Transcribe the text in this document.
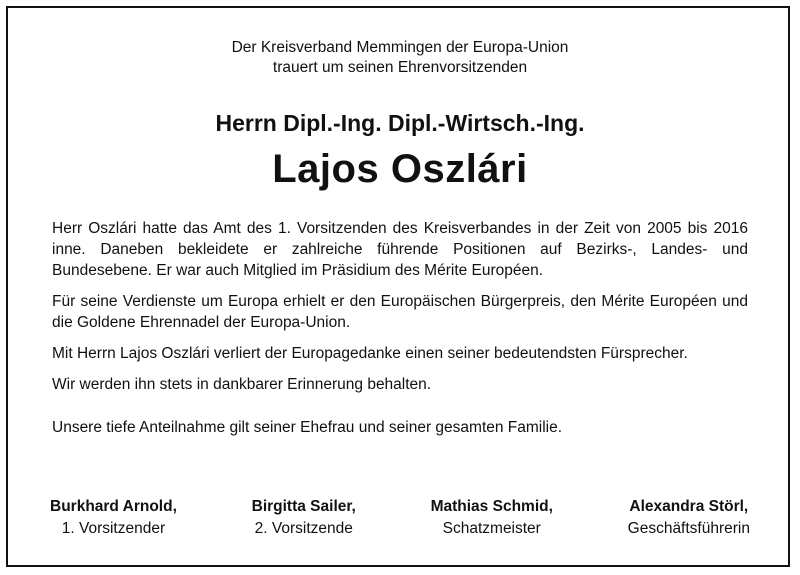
Der Kreisverband Memmingen der Europa-Union
trauert um seinen Ehrenvorsitzenden
Herrn Dipl.-Ing. Dipl.-Wirtsch.-Ing.
Lajos Oszlári

Herr Oszlári hatte das Amt des 1. Vorsitzenden des Kreisverbandes in der Zeit von 2005 bis 2016 inne. Daneben bekleidete er zahlreiche führende Positionen auf Bezirks-, Landes- und Bundesebene. Er war auch Mitglied im Präsidium des Mérite Européen.

Für seine Verdienste um Europa erhielt er den Europäischen Bürgerpreis, den Mérite Européen und die Goldene Ehrennadel der Europa-Union.

Mit Herrn Lajos Oszlári verliert der Europagedanke einen seiner bedeutendsten Fürsprecher.

Wir werden ihn stets in dankbarer Erinnerung behalten.

Unsere tiefe Anteilnahme gilt seiner Ehefrau und seiner gesamten Familie.

Burkhard Arnold,
1. Vorsitzender
Birgitta Sailer,
2. Vorsitzende
Mathias Schmid,
Schatzmeister
Alexandra Störl,
Geschäftsführerin
